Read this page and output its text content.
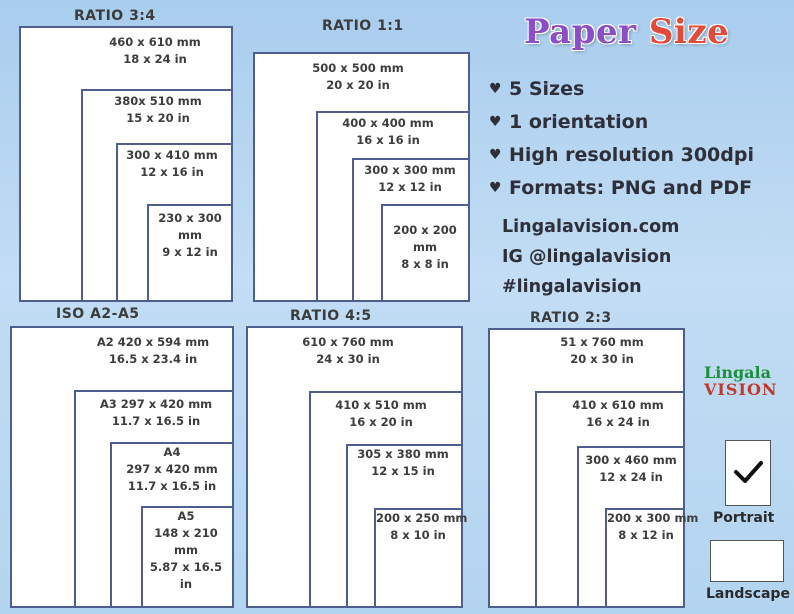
RATIO 3:4
460 x 610 mm
18 x 24 in
380x 510 mm
15 x 20 in
300 x 410 mm
12 x 16 in
230 x 300 mm
9 x 12 in
RATIO 1:1
500 x 500 mm
20 x 20 in
400 x 400 mm
16 x 16 in
300 x 300 mm
12 x 12 in
200 x 200 mm
8 x 8 in
ISO A2-A5
A2 420 x 594 mm
16.5 x 23.4 in
A3 297 x 420 mm
11.7 x 16.5 in
A4
297 x 420 mm
11.7 x 16.5 in
A5
148 x 210 mm
5.87 x 16.5 in
RATIO 4:5
610 x 760 mm
24 x 30 in
410 x 510 mm
16 x 20 in
305 x 380 mm
12 x 15 in
200 x 250 mm
8 x 10 in
RATIO 2:3
51 x 760 mm
20 x 30 in
410 x 610 mm
16 x 24 in
300 x 460 mm
12 x 24 in
200 x 300 mm
8 x 12 in
Paper Size
♥ 5 Sizes
♥ 1 orientation
♥ High resolution 300dpi
♥ Formats: PNG and PDF
Lingalavision.com
IG @lingalavision
#lingalavision
Lingala
VISION
Portrait
Landscape
